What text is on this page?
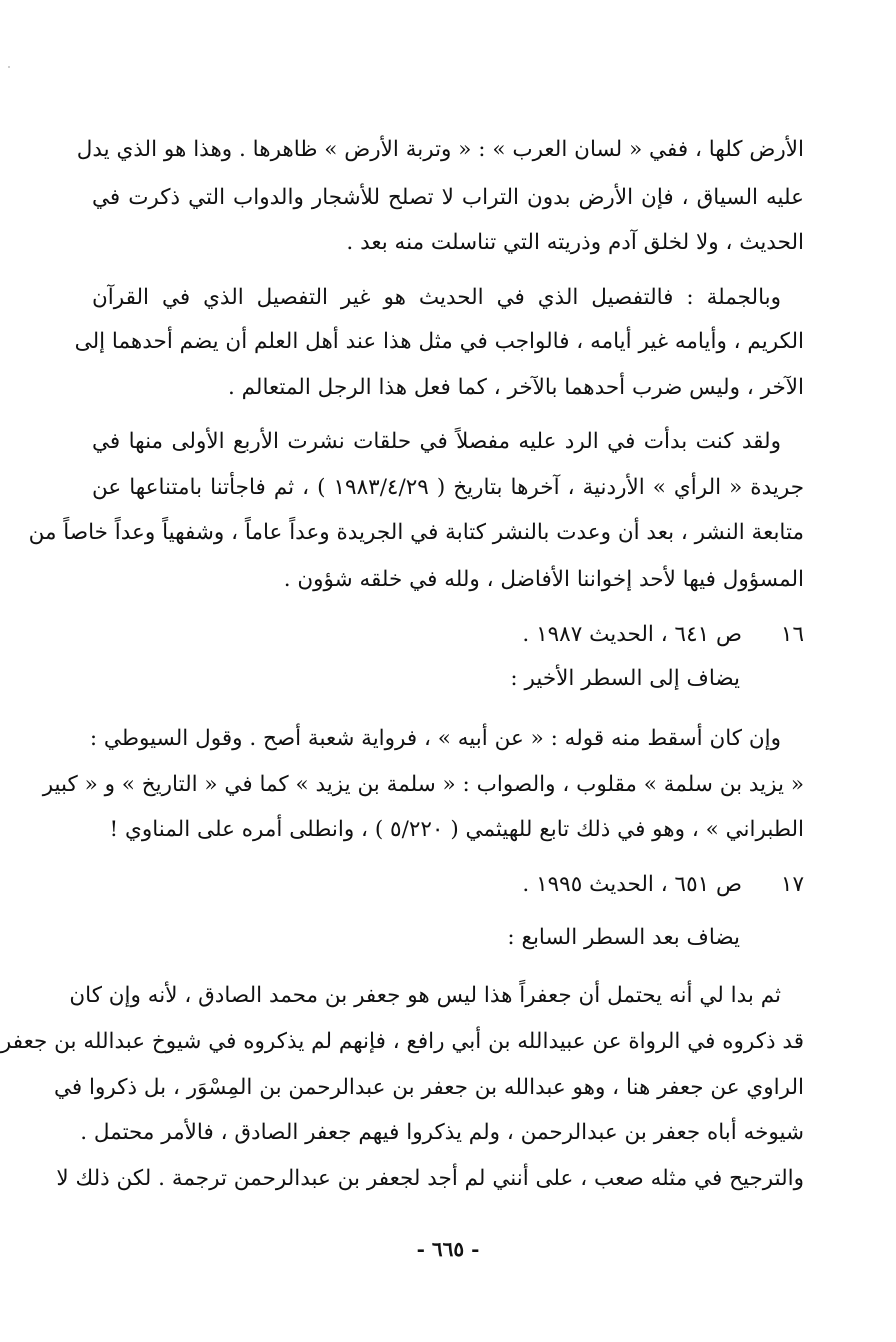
الأرض كلها ، ففي « لسان العرب » : « وتربة الأرض » ظاهرها . وهذا هو الذي يدل
عليه السياق ، فإن الأرض بدون التراب لا تصلح للأشجار والدواب التي ذكرت في
الحديث ، ولا لخلق آدم وذريته التي تناسلت منه بعد .
وبالجملة : فالتفصيل الذي في الحديث هو غير التفصيل الذي في القرآن
الكريم ، وأيامه غير أيامه ، فالواجب في مثل هذا عند أهل العلم أن يضم أحدهما إلى
الآخر ، وليس ضرب أحدهما بالآخر ، كما فعل هذا الرجل المتعالم .
ولقد كنت بدأت في الرد عليه مفصلاً في حلقات نشرت الأربع الأولى منها في
جريدة « الرأي » الأردنية ، آخرها بتاريخ ( ١٩٨٣/٤/٢٩ ) ، ثم فاجأتنا بامتناعها عن
متابعة النشر ، بعد أن وعدت بالنشر كتابة في الجريدة وعداً عاماً ، وشفهياً وعداً خاصاً من
المسؤول فيها لأحد إخواننا الأفاضل ، ولله في خلقه شؤون .
١٦ص ٦٤١ ، الحديث ١٩٨٧ .
يضاف إلى السطر الأخير :
وإن كان أسقط منه قوله : « عن أبيه » ، فرواية شعبة أصح . وقول السيوطي :
« يزيد بن سلمة » مقلوب ، والصواب : « سلمة بن يزيد » كما في « التاريخ » و « كبير
الطبراني » ، وهو في ذلك تابع للهيثمي ( ٥/٢٢٠ ) ، وانطلى أمره على المناوي !
١٧ص ٦٥١ ، الحديث ١٩٩٥ .
يضاف بعد السطر السابع :
ثم بدا لي أنه يحتمل أن جعفراً هذا ليس هو جعفر بن محمد الصادق ، لأنه وإن كان
قد ذكروه في الرواة عن عبيدالله بن أبي رافع ، فإنهم لم يذكروه في شيوخ عبدالله بن جعفر
الراوي عن جعفر هنا ، وهو عبدالله بن جعفر بن عبدالرحمن بن المِسْوَر ، بل ذكروا في
شيوخه أباه جعفر بن عبدالرحمن ، ولم يذكروا فيهم جعفر الصادق ، فالأمر محتمل .
والترجيح في مثله صعب ، على أنني لم أجد لجعفر بن عبدالرحمن ترجمة . لكن ذلك لا
- ٦٦٥ -
